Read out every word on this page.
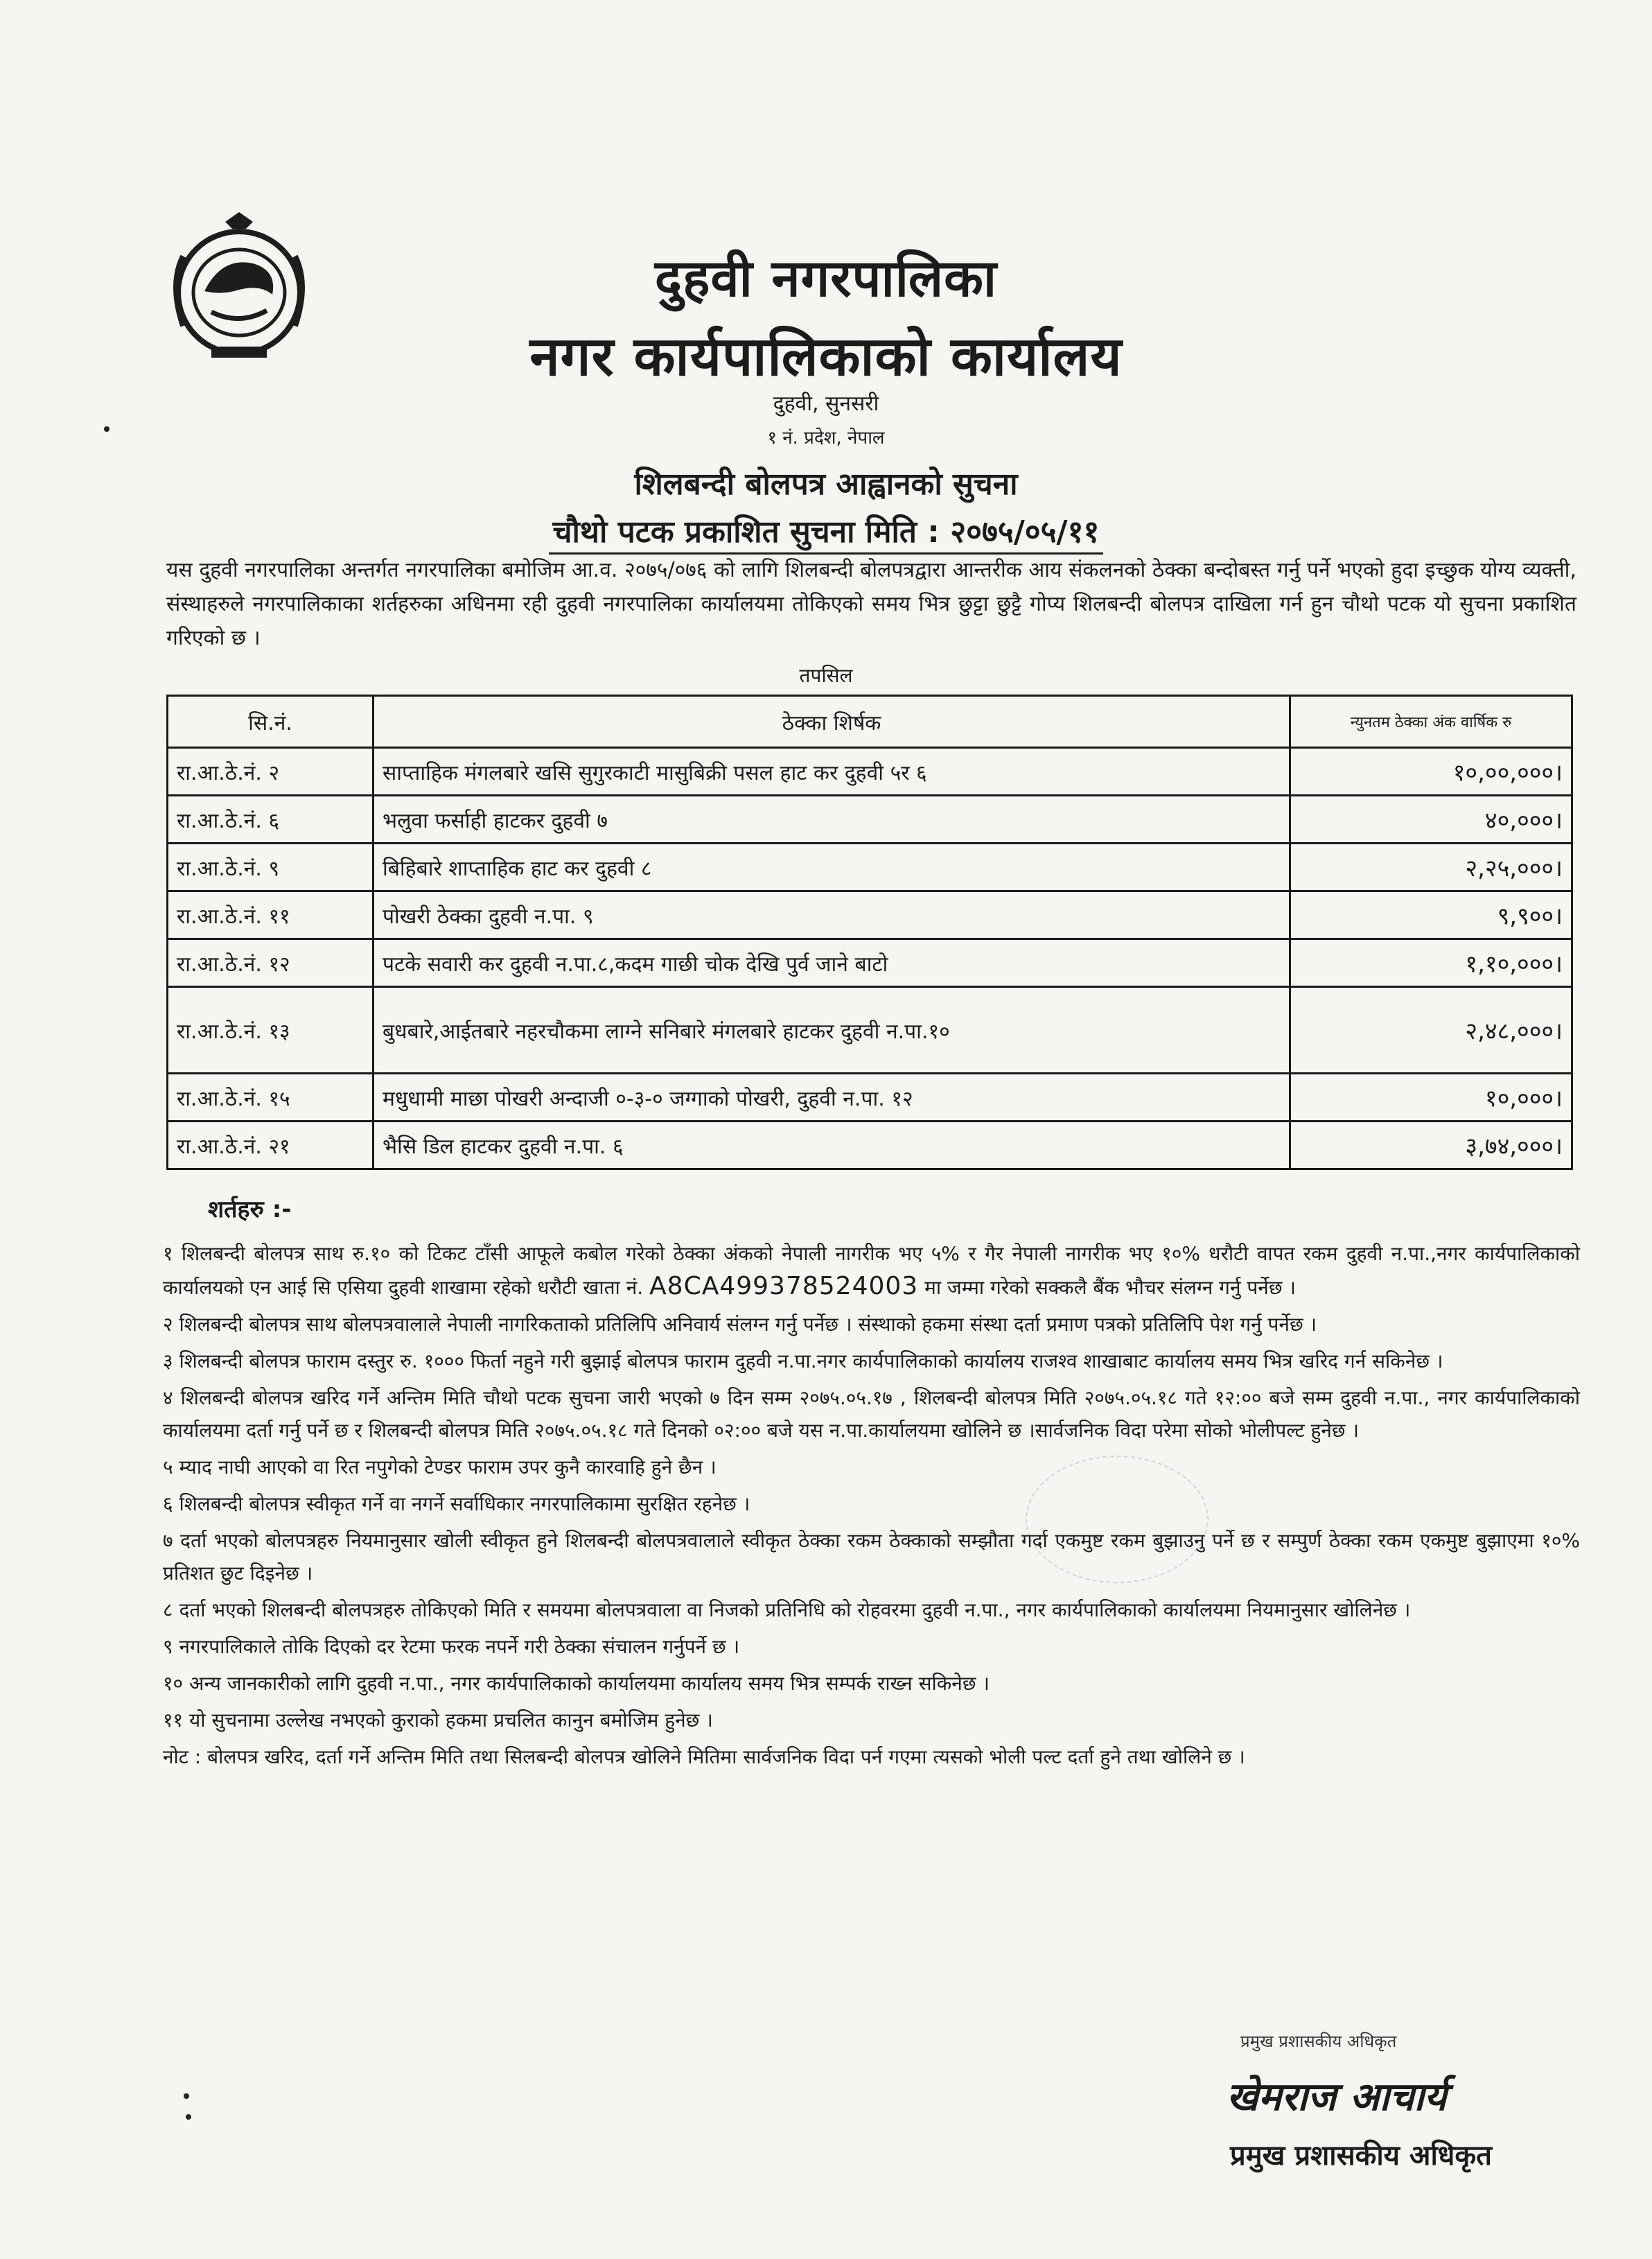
दुहवी नगरपालिका
नगर कार्यपालिकाको कार्यालय
दुहवी, सुनसरी
१ नं. प्रदेश, नेपाल
शिलबन्दी बोलपत्र आह्वानको सुचना
चौथो पटक प्रकाशित सुचना मिति : २०७५/०५/११
यस दुहवी नगरपालिका अन्तर्गत नगरपालिका बमोजिम आ.व. २०७५/०७६ को लागि शिलबन्दी बोलपत्रद्वारा आन्तरीक आय संकलनको ठेक्का बन्दोबस्त गर्नु पर्ने भएको हुदा इच्छुक योग्य व्यक्ती, संस्थाहरुले नगरपालिकाका शर्तहरुका अधिनमा रही दुहवी नगरपालिका कार्यालयमा तोकिएको समय भित्र छुट्टा छुट्टै गोप्य शिलबन्दी बोलपत्र दाखिला गर्न हुन चौथो पटक यो सुचना प्रकाशित गरिएको छ ।
तपसिल
सि.नं.	ठेक्का शिर्षक	न्युनतम ठेक्का अंक वार्षिक रु
रा.आ.ठे.नं. २	साप्ताहिक मंगलबारे खसि सुगुरकाटी मासुबिक्री पसल हाट कर दुहवी ५र ६	१०,००,०००।
रा.आ.ठे.नं. ६	भलुवा फर्साही हाटकर दुहवी ७	४०,०००।
रा.आ.ठे.नं. ९	बिहिबारे शाप्ताहिक हाट कर दुहवी ८	२,२५,०००।
रा.आ.ठे.नं. ११	पोखरी ठेक्का दुहवी न.पा. ९	९,९००।
रा.आ.ठे.नं. १२	पटके सवारी कर दुहवी न.पा.८,कदम गाछी चोक देखि पुर्व जाने बाटो	१,१०,०००।
रा.आ.ठे.नं. १३	बुधबारे,आईतबारे नहरचौकमा लाग्ने सनिबारे मंगलबारे हाटकर दुहवी न.पा.१०	२,४८,०००।
रा.आ.ठे.नं. १५	मधुधामी माछा पोखरी अन्दाजी ०-३-० जग्गाको पोखरी, दुहवी न.पा. १२	१०,०००।
रा.आ.ठे.नं. २१	भैसि डिल हाटकर दुहवी न.पा. ६	३,७४,०००।
शर्तहरु :-
१ शिलबन्दी बोलपत्र साथ रु.१० को टिकट टाँसी आफूले कबोल गरेको ठेक्का अंकको नेपाली नागरीक भए ५% र गैर नेपाली नागरीक भए १०% धरौटी वापत रकम दुहवी न.पा.,नगर कार्यपालिकाको कार्यालयको एन आई सि एसिया दुहवी शाखामा रहेको धरौटी खाता नं. A8CA499378524003 मा जम्मा गरेको सक्कलै बैंक भौचर संलग्न गर्नु पर्नेछ ।
२ शिलबन्दी बोलपत्र साथ बोलपत्रवालाले नेपाली नागरिकताको प्रतिलिपि अनिवार्य संलग्न गर्नु पर्नेछ । संस्थाको हकमा संस्था दर्ता प्रमाण पत्रको प्रतिलिपि पेश गर्नु पर्नेछ ।
३ शिलबन्दी बोलपत्र फाराम दस्तुर रु. १००० फिर्ता नहुने गरी बुझाई बोलपत्र फाराम दुहवी न.पा.नगर कार्यपालिकाको कार्यालय राजश्व शाखाबाट कार्यालय समय भित्र खरिद गर्न सकिनेछ ।
४ शिलबन्दी बोलपत्र खरिद गर्ने अन्तिम मिति चौथो पटक सुचना जारी भएको ७ दिन सम्म २०७५.०५.१७ , शिलबन्दी बोलपत्र मिति २०७५.०५.१८ गते १२:०० बजे सम्म दुहवी न.पा., नगर कार्यपालिकाको कार्यालयमा दर्ता गर्नु पर्ने छ र शिलबन्दी बोलपत्र मिति २०७५.०५.१८ गते दिनको ०२:०० बजे यस न.पा.कार्यालयमा खोलिने छ ।सार्वजनिक विदा परेमा सोको भोलीपल्ट हुनेछ ।
५ म्याद नाघी आएको वा रित नपुगेको टेण्डर फाराम उपर कुनै कारवाहि हुने छैन ।
६ शिलबन्दी बोलपत्र स्वीकृत गर्ने वा नगर्ने सर्वाधिकार नगरपालिकामा सुरक्षित रहनेछ ।
७ दर्ता भएको बोलपत्रहरु नियमानुसार खोली स्वीकृत हुने शिलबन्दी बोलपत्रवालाले स्वीकृत ठेक्का रकम ठेक्काको सम्झौता गर्दा एकमुष्ट रकम बुझाउनु पर्ने छ र सम्पुर्ण ठेक्का रकम एकमुष्ट बुझाएमा १०% प्रतिशत छुट दिइनेछ ।
८ दर्ता भएको शिलबन्दी बोलपत्रहरु तोकिएको मिति र समयमा बोलपत्रवाला वा निजको प्रतिनिधि को रोहवरमा दुहवी न.पा., नगर कार्यपालिकाको कार्यालयमा नियमानुसार खोलिनेछ ।
९ नगरपालिकाले तोकि दिएको दर रेटमा फरक नपर्ने गरी ठेक्का संचालन गर्नुपर्ने छ ।
१० अन्य जानकारीको लागि दुहवी न.पा., नगर कार्यपालिकाको कार्यालयमा कार्यालय समय भित्र सम्पर्क राख्न सकिनेछ ।
११ यो सुचनामा उल्लेख नभएको कुराको हकमा प्रचलित कानुन बमोजिम हुनेछ ।
नोट : बोलपत्र खरिद, दर्ता गर्ने अन्तिम मिति तथा सिलबन्दी बोलपत्र खोलिने मितिमा सार्वजनिक विदा पर्न गएमा त्यसको भोली पल्ट दर्ता हुने तथा खोलिने छ ।
प्रमुख प्रशासकीय अधिकृत
खेमराज आचार्य
प्रमुख प्रशासकीय अधिकृत
